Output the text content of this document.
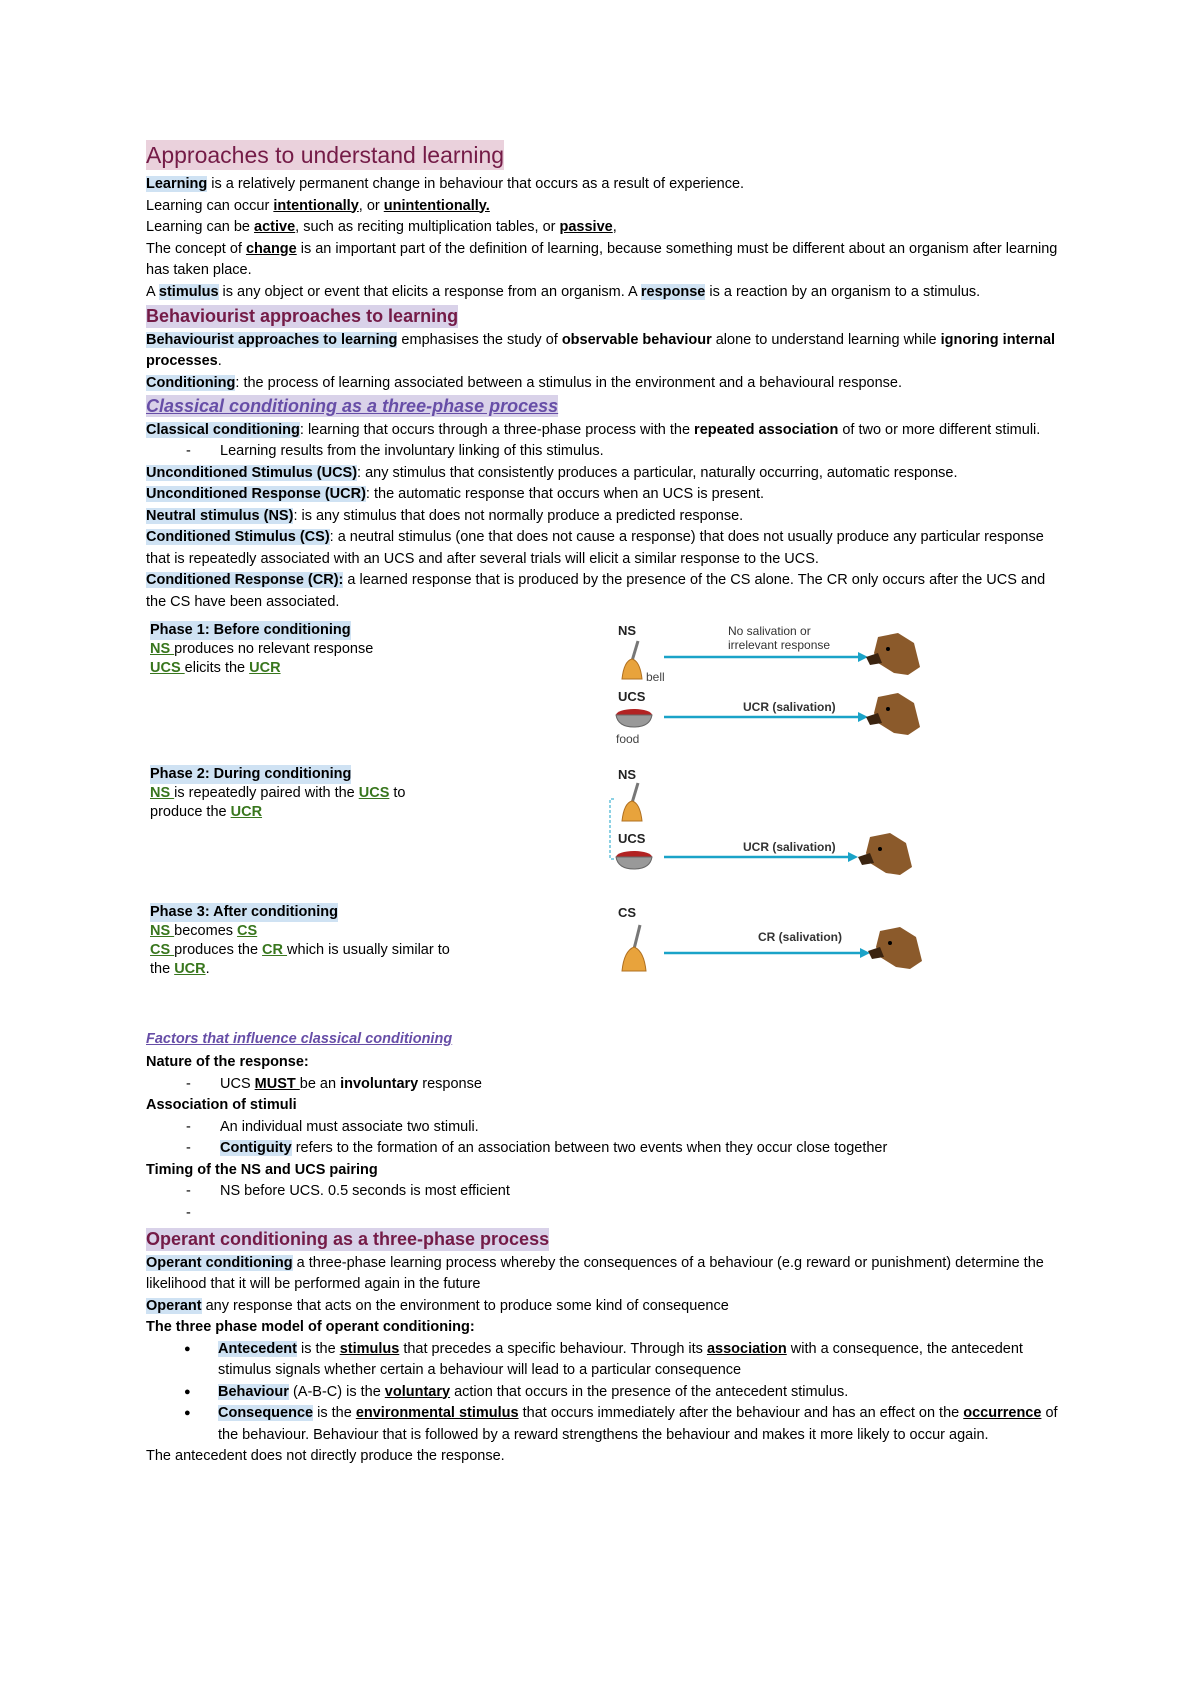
Approaches to understand learning

Learning is a relatively permanent change in behaviour that occurs as a result of experience.

Learning can occur intentionally, or unintentionally.

Learning can be active, such as reciting multiplication tables, or passive,

The concept of change is an important part of the definition of learning, because something must be different about an organism after learning has taken place.

A stimulus is any object or event that elicits a response from an organism. A response is a reaction by an organism to a stimulus.

Behaviourist approaches to learning

Behaviourist approaches to learning emphasises the study of observable behaviour alone to understand learning while ignoring internal processes.

Conditioning: the process of learning associated between a stimulus in the environment and a behavioural response.

Classical conditioning as a three-phase process

Classical conditioning: learning that occurs through a three-phase process with the repeated association of two or more different stimuli.

- Learning results from the involuntary linking of this stimulus.

Unconditioned Stimulus (UCS): any stimulus that consistently produces a particular, naturally occurring, automatic response.

Unconditioned Response (UCR): the automatic response that occurs when an UCS is present.

Neutral stimulus (NS): is any stimulus that does not normally produce a predicted response.

Conditioned Stimulus (CS): a neutral stimulus (one that does not cause a response) that does not usually produce any particular response that is repeatedly associated with an UCS and after several trials will elicit a similar response to the UCS.

Conditioned Response (CR): a learned response that is produced by the presence of the CS alone. The CR only occurs after the UCS and the CS have been associated.

Phase 1: Before conditioning
NS produces no relevant response
UCS elicits the UCR
NS
bell
UCS
food
No salivation or
irrelevant response
UCR (salivation)
Phase 2: During conditioning
NS is repeatedly paired with the UCS to produce the UCR
NS
UCS
UCR (salivation)
Phase 3: After conditioning
NS becomes CS
CS produces the CR which is usually similar to the UCR.
CS
CR (salivation)
Factors that influence classical conditioning

Nature of the response:

- UCS MUST be an involuntary response

Association of stimuli

- An individual must associate two stimuli.

- Contiguity refers to the formation of an association between two events when they occur close together

Timing of the NS and UCS pairing

- NS before UCS. 0.5 seconds is most efficient

-

Operant conditioning as a three-phase process

Operant conditioning a three-phase learning process whereby the consequences of a behaviour (e.g reward or punishment) determine the likelihood that it will be performed again in the future

Operant any response that acts on the environment to produce some kind of consequence

The three phase model of operant conditioning:

● Antecedent is the stimulus that precedes a specific behaviour. Through its association with a consequence, the antecedent stimulus signals whether certain a behaviour will lead to a particular consequence
● Behaviour (A-B-C) is the voluntary action that occurs in the presence of the antecedent stimulus.
● Consequence is the environmental stimulus that occurs immediately after the behaviour and has an effect on the occurrence of the behaviour. Behaviour that is followed by a reward strengthens the behaviour and makes it more likely to occur again.

The antecedent does not directly produce the response.
